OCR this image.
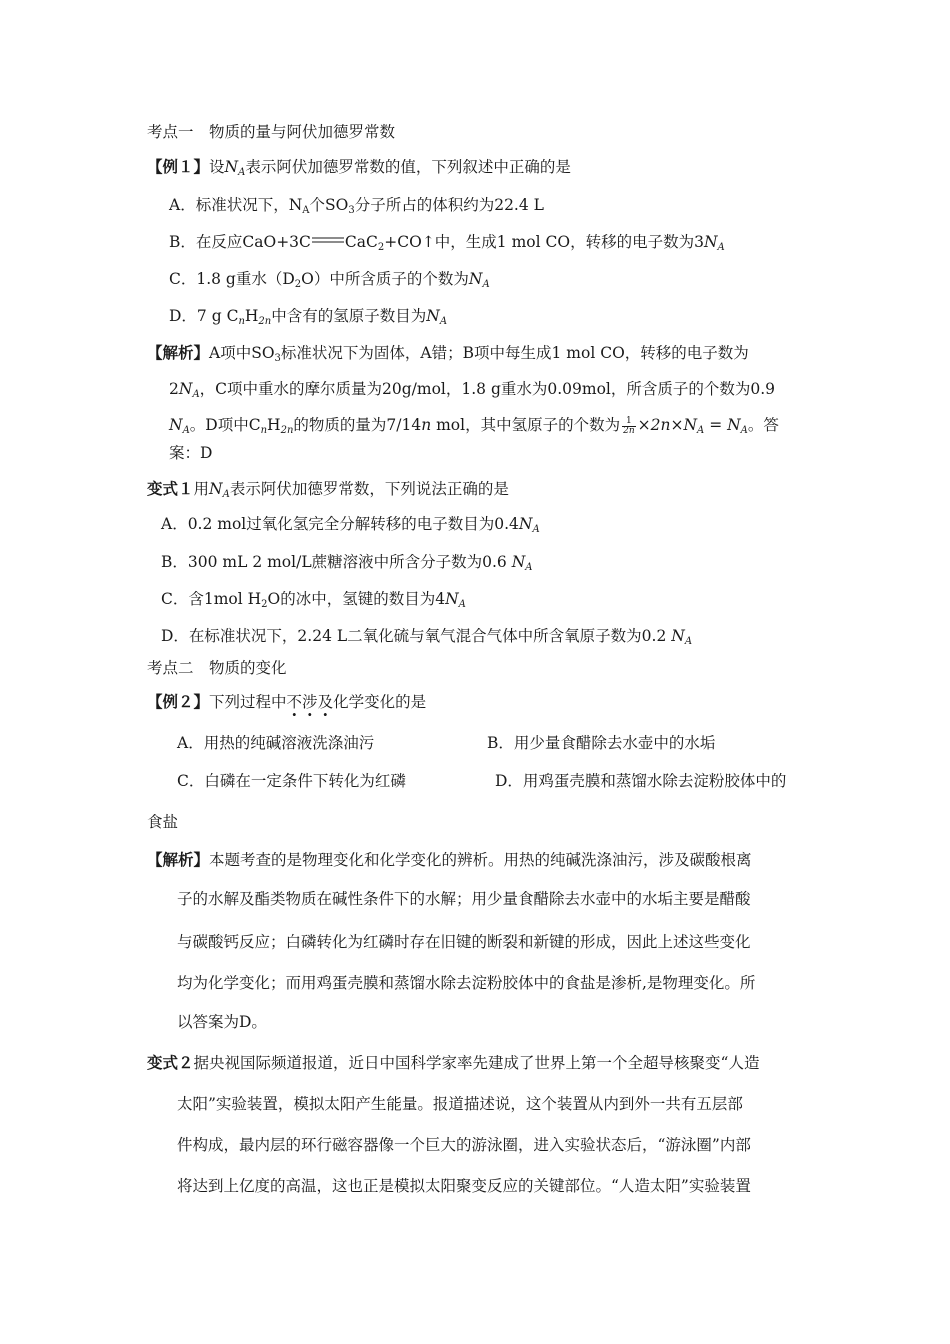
考点一　物质的量与阿伏加德罗常数
【例１】设$N_A$表示阿伏加德罗常数的值，下列叙述中正确的是
A．标准状况下，$N_A$个$SO_3$分子所占的体积约为22.4 L
B．在反应CaO+3C CaC$_2$+CO↑中，生成1 mol CO，转移的电子数为$3N_A$
C．1.8 g重水$(D_2O)$中所含质子的个数为$N_A$
D．7 g $C_nH_{2n}$中含有的氢原子数目为$N_A$
【解析】A项中$SO_3$标准状况下为固体，A错；B项中每生成1 mol CO，转移的电子数为
$2N_A$，C项中重水的摩尔质量为20g/mol，1.8 g重水为0.09mol，所含质子的个数为0.9
$N_A$。D项中$C_nH_{2n}$的物质的量为7/14n mol，其中氢原子的个数为 $\frac{1}{2n} \times 2n\times N_A = N_A$。答
案：D
变式１用$N_A$表示阿伏加德罗常数，下列说法正确的是
A．0.2 mol过氧化氢完全分解转移的电子数目为$0.4N_A$
B．300 mL 2 mol/L蔗糖溶液中所含分子数为0.6 $N_A$
C．含1mol $H_2O$的冰中，氢键的数目为$4N_A$
D．在标准状况下，2.24 L二氧化硫与氧气混合气体中所含氧原子数为0.2 $N_A$
考点二　物质的变化
【例２】下列过程中不涉及化学变化的是
A．用热的纯碱溶液洗涤油污	B．用少量食醋除去水壶中的水垢
C．白磷在一定条件下转化为红磷	D．用鸡蛋壳膜和蒸馏水除去淀粉胶体中的
食盐
【解析】本题考查的是物理变化和化学变化的辨析。用热的纯碱洗涤油污，涉及碳酸根离
子的水解及酯类物质在碱性条件下的水解；用少量食醋除去水壶中的水垢主要是醋酸
与碳酸钙反应；白磷转化为红磷时存在旧键的断裂和新键的形成，因此上述这些变化
均为化学变化；而用鸡蛋壳膜和蒸馏水除去淀粉胶体中的食盐是渗析,是物理变化。所
以答案为D。
变式２据央视国际频道报道，近日中国科学家率先建成了世界上第一个全超导核聚变“人造
太阳”实验装置，模拟太阳产生能量。报道描述说，这个装置从内到外一共有五层部
件构成，最内层的环行磁容器像一个巨大的游泳圈，进入实验状态后，“游泳圈”内部
将达到上亿度的高温，这也正是模拟太阳聚变反应的关键部位。“人造太阳”实验装置
